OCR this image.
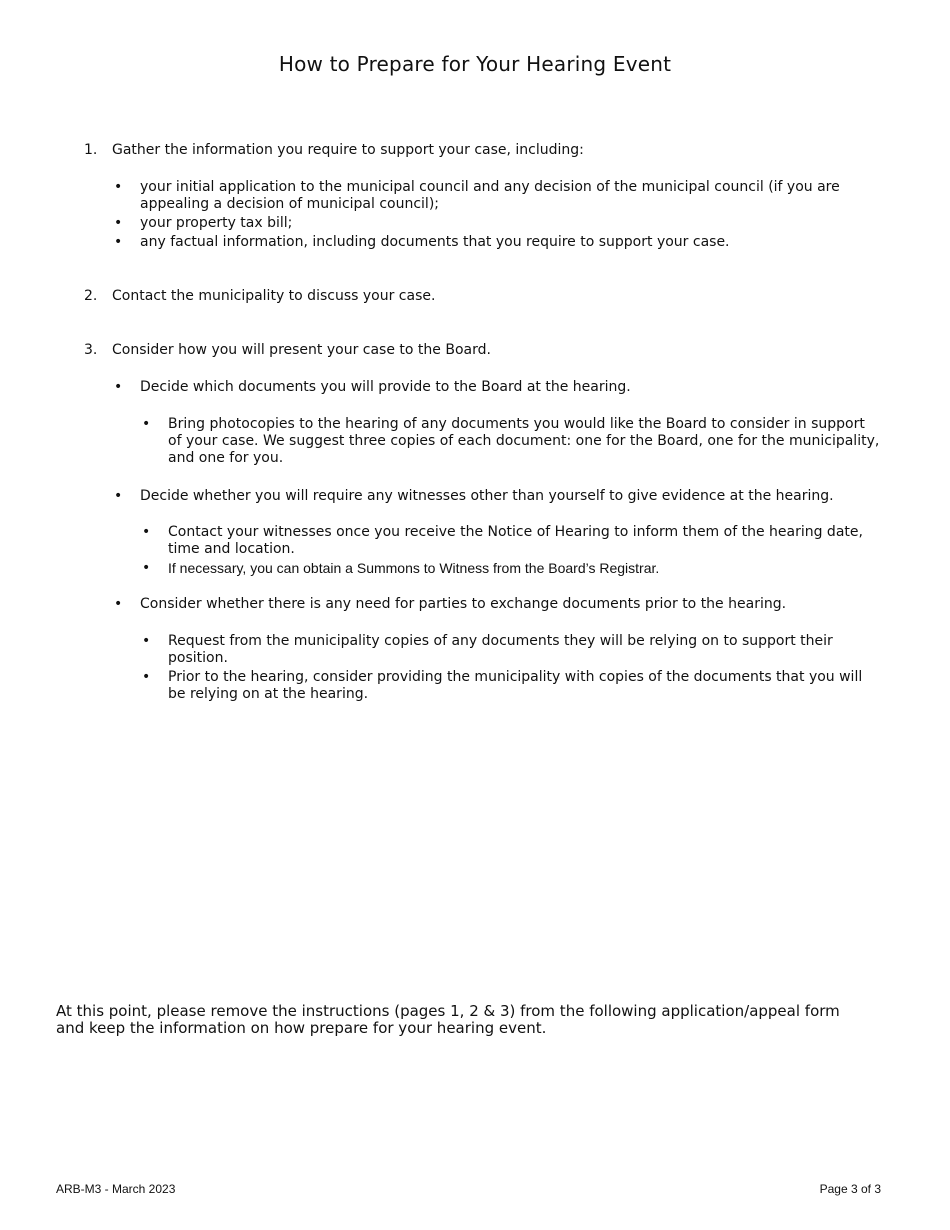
How to Prepare for Your Hearing Event
1. Gather the information you require to support your case, including:
• your initial application to the municipal council and any decision of the municipal council (if you are appealing a decision of municipal council);
• your property tax bill;
• any factual information, including documents that you require to support your case.
2. Contact the municipality to discuss your case.
3. Consider how you will present your case to the Board.
• Decide which documents you will provide to the Board at the hearing.
• Bring photocopies to the hearing of any documents you would like the Board to consider in support of your case. We suggest three copies of each document: one for the Board, one for the municipality, and one for you.
• Decide whether you will require any witnesses other than yourself to give evidence at the hearing.
• Contact your witnesses once you receive the Notice of Hearing to inform them of the hearing date, time and location.
• If necessary, you can obtain a Summons to Witness from the Board’s Registrar.
• Consider whether there is any need for parties to exchange documents prior to the hearing.
• Request from the municipality copies of any documents they will be relying on to support their position.
• Prior to the hearing, consider providing the municipality with copies of the documents that you will be relying on at the hearing.
At this point, please remove the instructions (pages 1, 2 & 3) from the following application/appeal form and keep the information on how prepare for your hearing event.
ARB-M3 - March 2023	Page 3 of 3
